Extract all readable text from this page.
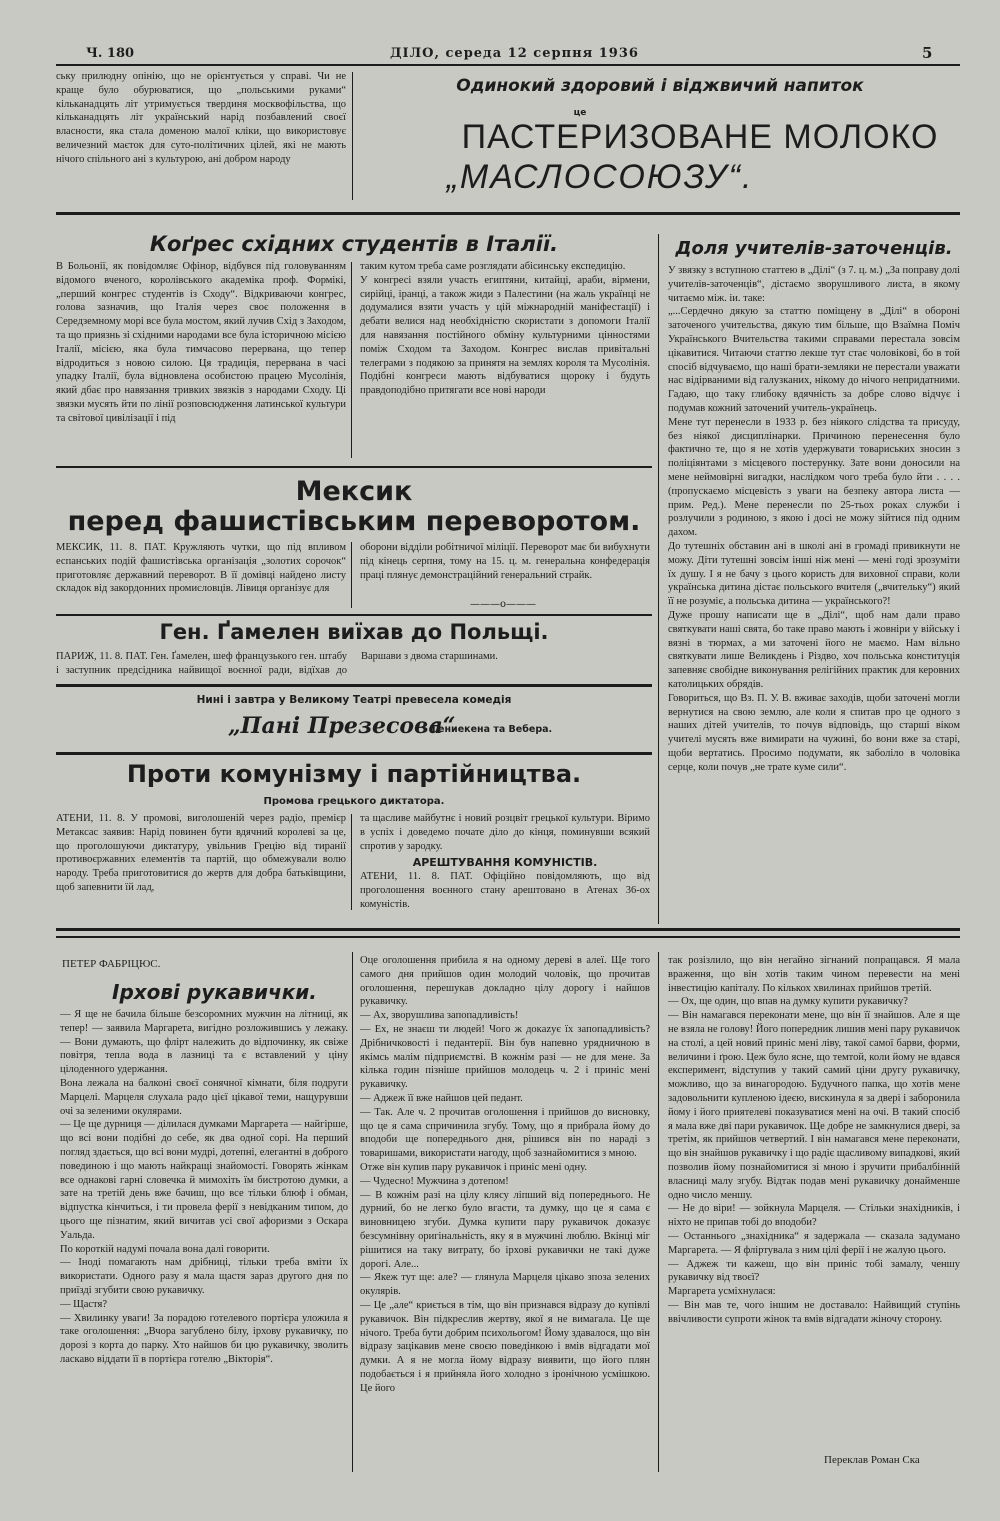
Ч. 180	ДІЛО, середа 12 серпня 1936	5
ську прилюдну опінію, що не орієнтується у справі. Чи не краще було обурюватися, що „польськими руками“ кільканадцять літ утримується твердиня москвофільства, що кільканадцять літ український нарід позбавлений своєї власности, яка стала доменою малої кліки, що використовує величезний маєток для суто-політичних цілей, які не мають нічого спільного ані з культурою, ані добром народу
Одинокий здоровий і віджвичий напиток
це
ПАСТЕРИЗОВАНЕ МОЛОКО
„МАСЛОСОЮЗУ“.
Коґрес східних студентів в Італії.
В Больонії, як повідомляє Офінор, відбувся під головуванням відомого вченого, королівського академіка проф. Формікі, „перший конгрес студентів із Сходу“. Відкриваючи конгрес, голова зазначив, що Італія через своє положення в Середземному морі все була мостом, який лучив Схід з Заходом, та що приязнь зі східними народами все була історичною місією Італії, місією, яка була тимчасово перервана, що тепер відродиться з новою силою. Ця традиція, перервана в часі упадку Італії, була відновлена особистою працею Мусолінія, який дбає про навязання тривких звязків з народами Сходу. Ці звязки мусять йти по лінії розповсюдження латинської культури та світової цивілізації і під
таким кутом треба саме розглядати абісинську експедицію.
У конгресі взяли участь египтяни, китайці, араби, вірмени, сирійці, іранці, а також жиди з Палестини (на жаль українці не додумалися взяти участь у цій міжнародній маніфестації) і дебати велися над необхідністю скористати з допомоги Італії для навязання постійного обміну культурними цінностями поміж Сходом та Заходом. Конгрес вислав привітальні телеграми з подякою за принятя на землях короля та Мусолінія. Подібні конгреси мають відбуватися щороку і будуть правдоподібно притягати все нові народи
Мексик
перед фашистівським переворотом.
МЕКСИК, 11. 8. ПАТ. Кружляють чутки, що під впливом еспанських подій фашистівська організація „золотих сорочок“ приготовляє державний переворот. В її домівці найдено листу складок від закордонних промисловців. Лівиця організує для
оборони відділи робітничої міліції. Переворот має би вибухнути під кінець серпня, тому на 15. ц. м. генеральна конфедерація праці плянує демонстраційний генеральний страйк.
———o———
Ген. Ґамелен виїхав до Польщі.
ПАРИЖ, 11. 8. ПАТ. Ген. Ґамелен, шеф французького ген. штабу і заступник предсідника найвищої воєнної ради, відїхав до Варшави з двома старшинами.
Нині і завтра у Великому Театрі превесела комедія
„Пані Презесова“
Гениекена та Вебера.
Проти комунізму і партійництва.
Промова грецького диктатора.
АТЕНИ, 11. 8. У промові, виголошеній через радіо, премієр Метаксас заявив: Нарід повинен бути вдячний королеві за це, що проголошуючи диктатуру, увільнив Грецію від тиранії противоєржавних елементів та партій, що обмежували волю народу. Треба приготовитися до жертв для добра батьківщини, щоб запевнити їй лад,
та щасливе майбутнє і новий розцвіт грецької культури. Віримо в успіх і доведемо почате діло до кінця, поминувши всякий спротив у зародку.
АРЕШТУВАННЯ КОМУНІСТІВ.
АТЕНИ, 11. 8. ПАТ. Офіційно повідомляють, що від проголошення воєнного стану арештовано в Атенах 36-ох комуністів.
Доля учителів-заточенців.
У звязку з вступною статтею в „Ділі“ (з 7. ц. м.) „За поправу долі учителів-заточенців“, дістаємо зворушливого листа, в якому читаємо між. іи. таке:
„...Сердечно дякую за статтю поміщену в „Ділі“ в обороні заточеного учительства, дякую тим більше, що Взаїмна Поміч Українського Вчительства такими справами перестала зовсім цікавитися. Читаючи статтю лекше тут стає чоловікові, бо в той спосіб відчуваємо, що наші брати-земляки не перестали уважати нас відірваними від галузканих, нікому до нічого непридатними. Гадаю, що таку глибоку вдячність за добре слово відчує і подумав кожний заточений учитель-українець.
Мене тут перенесли в 1933 р. без ніякого слідства та присуду, без ніякої дисциплінарки. Причиною перенесення було фактично те, що я не хотів удержувати товариських зносин з поліціянтами з місцевого постерунку. Зате вони доносили на мене неймовірні вигадки, наслідком чого треба було йти . . . . (пропускаємо місцевість з уваги на безпеку автора листа — прим. Ред.). Мене перенесли по 25-тьох роках служби і розлучили з родиною, з якою і досі не можу зійтися під одним дахом.
До тутешніх обставин ані в школі ані в громаді привикнути не можу. Діти тутешні зовсім інші ніж мені — мені годі зрозуміти їх душу. І я не бачу з цього користь для виховної справи, коли українська дитина дістає польського вчителя („вчительку“) який її не розуміє, а польська дитина — українського?!
Дуже прошу написати ще в „Ділі“, щоб нам дали право святкувати наші свята, бо таке право мають і жовніри у війську і вязні в тюрмах, а ми заточені його не маємо. Нам вільно святкувати лише Великдень і Різдво, хоч польська конституція запевняє свобідне виконування релігійних практик для керовних католицьких обрядів.
Говориться, що Вз. П. У. В. вживає заходів, щоби заточені могли вернутися на свою землю, але коли я спитав про це одного з наших дітей учителів, то почув відповідь, що старші віком учителі мусять вже вимирати на чужині, бо вони вже за старі, щоби вертатись. Просимо подумати, як заболіло в чоловіка серце, коли почув „не трате куме сили“.
ПЕТЕР ФАБРІЦЮС.
Ірхові рукавички.
— Я ще не бачила більше безсоромних мужчин на літниці, як тепер! — заявила Маргарета, вигідно розложившись у лежаку. — Вони думають, що флірт належить до відпочинку, як свіже повітря, тепла вода в лазниці та є вставлений у ціну цілоденного удержання.
Вона лежала на балконі своєї сонячної кімнати, біля подруги Марцелі. Марцеля слухала радо цієї цікавої теми, нащурувши очі за зеленими окулярами.
— Це ще дурниця — ділилася думками Маргарета — найгірше, що всі вони подібні до себе, як два одної сорі. На перший погляд здається, що всі вони мудрі, дотепні, елегантні в доброго повединою і що мають найкращі знайомості. Говорять жінкам все однакові гарні словечка й мимохіть їм бистротою думки, а зате на третій день вже бачиш, що все тільки блюф і обман, відпустка кінчиться, і ти провела ферії з невідканим типом, до цього ще пізнатим, який вичитав усі свої афоризми з Оскара Уальда.
По короткій надумі почала вона далі говорити.
— Іноді помагають нам дрібниці, тільки треба вміти їх використати. Одного разу я мала щастя зараз другого дня по приїзді згубити свою рукавичку.
— Щастя?
— Хвилинку уваги! За порадою готелевого портієра уложила я таке оголошення: „Вчора загублено білу, ірхову рукавичку, по дорозі з корта до парку. Хто найшов би цю рукавичку, зволить ласкаво віддати її в портієра готелю „Вікторія“.
Оце оголошення прибила я на одному дереві в алеї. Ще того самого дня прийшов один молодий чоловік, що прочитав оголошення, перешукав докладно цілу дорогу і найшов рукавичку.
— Ах, зворушлива запопадливість!
— Ех, не знаєш ти людей! Чого ж докazує їх запопадливість? Дрібничковості і педантерії. Він був напевно урядничною в якімсь малім підприємстві. В кожнім разі — не для мене. За кілька годин пізніше прийшов молодець ч. 2 і приніс мені рукавичку.
— Аджеж її вже найшов цей педант.
— Так. Але ч. 2 прочитав оголошення і прийшов до висновку, що це я сама спричинила згубу. Тому, що я прибрала йому до вподоби ще попереднього дня, рішився він по нараді з товаришами, використати нагоду, щоб зазнайомитися з мною.
Отже він купив пару рукавичок і приніс мені одну.
— Чудесно! Мужчина з дотепом!
— В кожнім разі на цілу клясу ліпший від попереднього. Не дурний, бо не легко було вгасти, та думку, що це я сама є виновницею згуби. Думка купити пару рукавичок доказує безсумнівну оригінальність, яку я в мужчині люблю. Вкінці міг рішитися на таку витрату, бо ірхові рукавички не такі дуже дорогі. Але...
— Якеж тут ще: але? — глянула Марцеля цікаво зпоза зелених окулярів.
— Це „але“ криється в тім, що він признався відразу до купівлі рукавичок. Він підкреслив жертву, якої я не вимагала. Це ще нічого. Треба бути добрим психольогом! Йому здавалося, що він відразу зацікавив мене своєю поведінкою і вмів відгадати мої думки. А я не могла йому відразу виявити, що його плян подобається і я прийняла його холодно з іронічною усмішкою. Це його
так розізлило, що він негайно зігнаний попращався. Я мала враження, що він хотів таким чином перевести на мені інвестицію капіталу. По кількох хвилинах прийшов третій.
— Ох, ще один, що впав на думку купити рукавичку?
— Він намагався переконати мене, що він її знайшов. Але я ще не взяла не голову! Його попередник лишив мені пару рукавичок на столі, а цей новий приніс мені ліву, такої самої барви, форми, величини і ґрою. Цеж було ясне, що темтой, коли йому не вдався експеримент, відступив у такий самий ціни другу рукавичку, можливо, що за винагородою. Будучного папка, що хотів мене задовольнити купленою ідеєю, вискинула я за двері і заборонила йому і його приятелеві показуватися мені на очі. В такий спосіб я мала вже дві пари рукавичок. Ще добре не замкнулися двері, за третім, як прийшов четвертий. І він намагався мене переконати, що він знайшов рукавичку і що радіє щасливому випадкові, який позволив йому познайомитися зі мною і зручити прибалбінній власниці малу згубу. Відтак подав мені рукавичку донайменше одно число меншу.
— Не до віри! — зойкнула Марцеля. — Стільки знахідників, і ніхто не припав тобі до вподоби?
— Останнього „знахідника“ я задержала — сказала задумано Маргарета. — Я фліртувала з ним цілі ферії і не жалую цього.
— Аджеж ти кажеш, що він приніс тобі замалу, ченшу рукавичку від твоєї?
Маргарета усміхнулася:
— Він мав те, чого іншим не доставало: Найвищий ступінь ввічливости супроти жінок та вмів відгадати жіночу сторону.
Переклав Роман Ска
